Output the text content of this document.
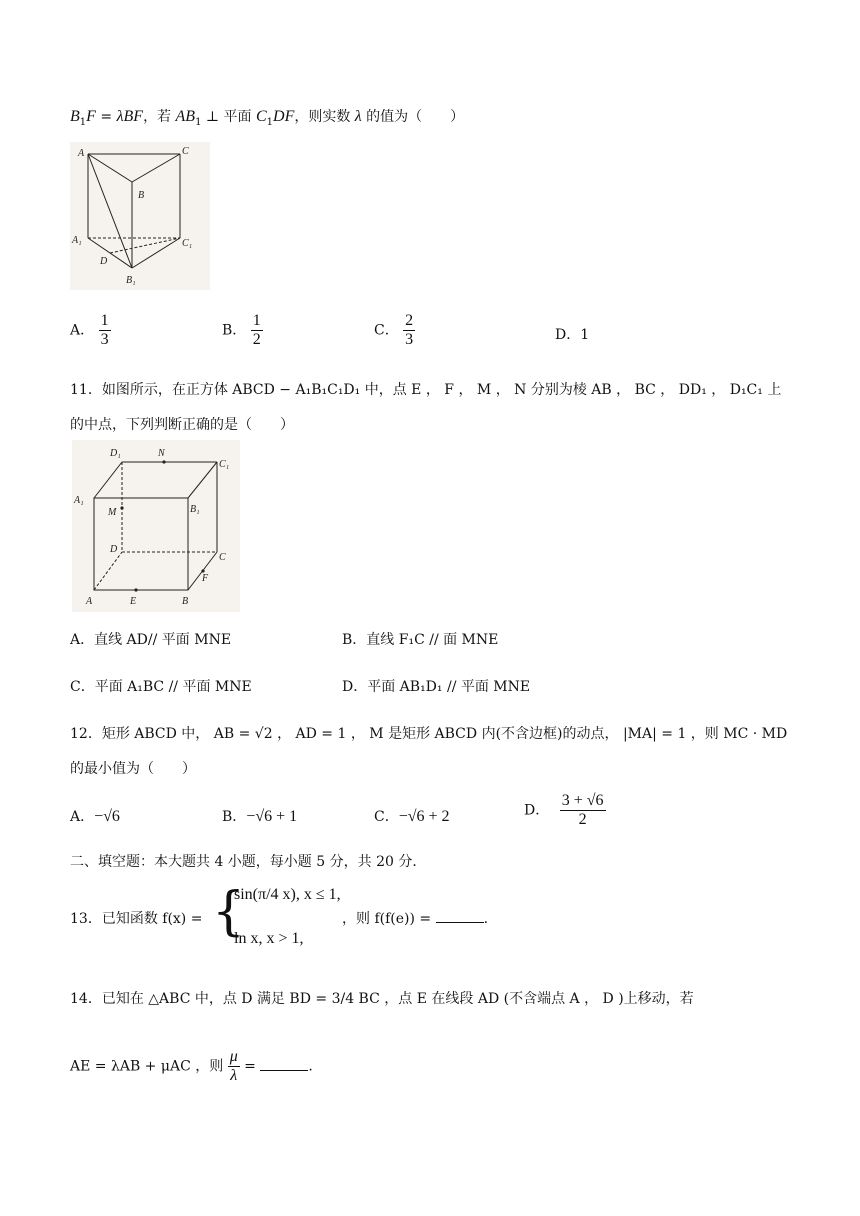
$B_1F = \lambda BF$，若 $AB_1$ ⊥ 平面 $C_1DF$，则实数 λ 的值为（　　）
A	C
B
A₁	C₁
D
B₁
A． $\frac{1}{3}$	B． $\frac{1}{2}$	C． $\frac{2}{3}$	D．1
11．如图所示，在正方体 ABCD − A₁B₁C₁D₁ 中，点 E ， F ， M ， N 分别为棱 AB ， BC ， DD₁ ， D₁C₁ 上
的中点，下列判断正确的是（　　）
D₁	N
C₁
A₁
B₁
M
D
C
F
A	E	B
A．直线 AD// 平面 MNE	B．直线 F₁C // 面 MNE
C．平面 A₁BC // 平面 MNE	D．平面 AB₁D₁ // 平面 MNE
12．矩形 ABCD 中， AB = √2 ， AD = 1 ， M 是矩形 ABCD 内(不含边框)的动点， |MA| = 1 ，则 MC · MD
的最小值为（　　）
A．−√6	B．−√6 + 1	C．−√6 + 2	D． $\frac{3 + √6}{2}$
二、填空题：本大题共 4 小题，每小题 5 分，共 20 分．
13．已知函数 f(x) = {
sin(π/4 x), x ≤ 1,
ln x, x > 1,
，则 f(f(e)) =	.
14．已知在 △ABC 中，点 D 满足 BD = 3/4 BC ，点 E 在线段 AD (不含端点 A ， D )上移动，若
AE = λAB + μAC ，则 $\frac{\mu}{\lambda}$ =	.
